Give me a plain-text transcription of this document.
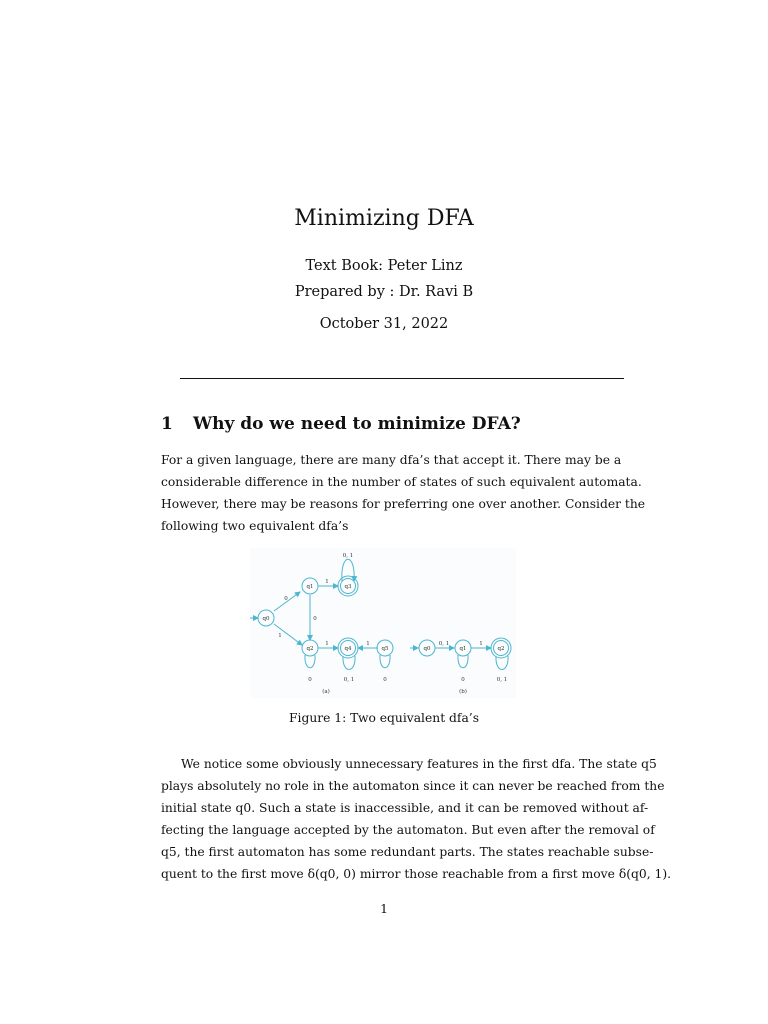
Minimizing DFA
Text Book: Peter Linz
Prepared by : Dr. Ravi B
October 31, 2022
1 Why do we need to minimize DFA?
For a given language, there are many dfa’s that accept it. There may be a
considerable difference in the number of states of such equivalent automata.
However, there may be reasons for preferring one over another. Consider the
following two equivalent dfa’s
q0
q1
q2
q3
q4	q5	q0	q1	q2
0, 1
0
1
1
0
1	1
0	0, 1	0
0, 1	1
0	0, 1
(a)	(b)
Figure 1: Two equivalent dfa’s
We notice some obviously unnecessary features in the first dfa. The state q5
plays absolutely no role in the automaton since it can never be reached from the
initial state q0. Such a state is inaccessible, and it can be removed without af-
fecting the language accepted by the automaton. But even after the removal of
q5, the first automaton has some redundant parts. The states reachable subse-
quent to the first move δ(q0, 0) mirror those reachable from a first move δ(q0, 1).
1
